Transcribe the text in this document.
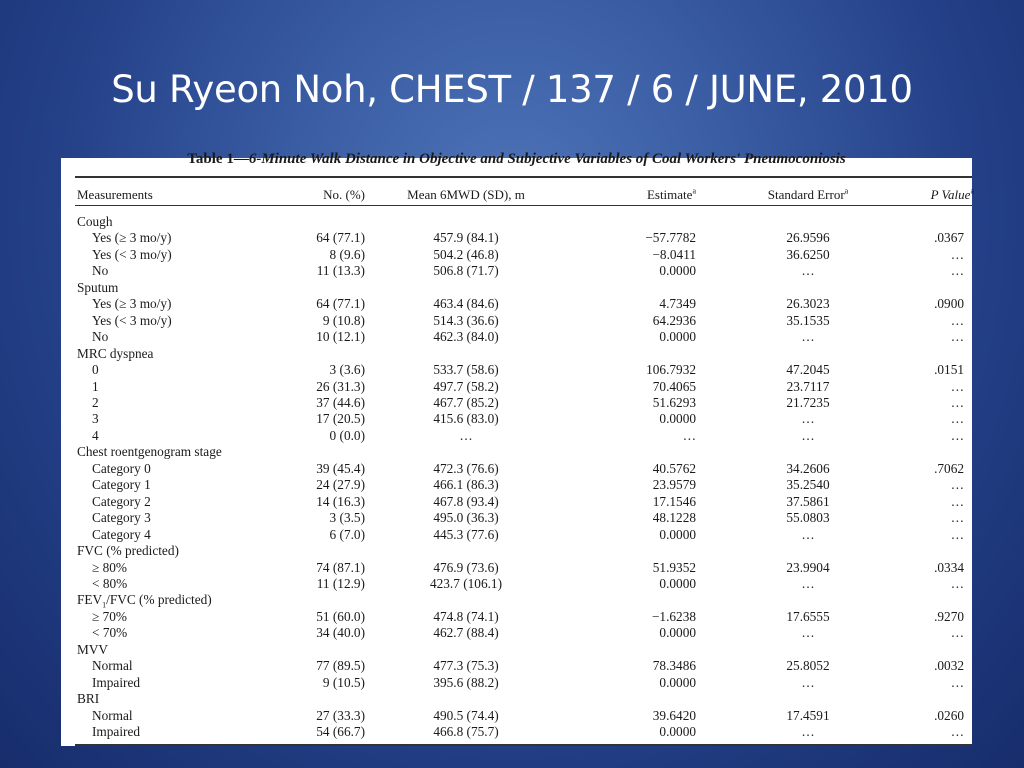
Su Ryeon Noh, CHEST / 137 / 6 / JUNE, 2010
Table 1—6-Minute Walk Distance in Objective and Subjective Variables of Coal Workers' Pneumoconiosis
Measurements	No. (%)	Mean 6MWD (SD), m	Estimate$^a$	Standard Error$^a$	P Value$^a$
Cough
Yes (≥ 3 mo/y)	64 (77.1)	457.9 (84.1)	−57.7782	26.9596	.0367
Yes (< 3 mo/y)	8 (9.6)	504.2 (46.8)	−8.0411	36.6250	…
No	11 (13.3)	506.8 (71.7)	0.0000	…	…
Sputum
Yes (≥ 3 mo/y)	64 (77.1)	463.4 (84.6)	4.7349	26.3023	.0900
Yes (< 3 mo/y)	9 (10.8)	514.3 (36.6)	64.2936	35.1535	…
No	10 (12.1)	462.3 (84.0)	0.0000	…	…
MRC dyspnea
0	3 (3.6)	533.7 (58.6)	106.7932	47.2045	.0151
1	26 (31.3)	497.7 (58.2)	70.4065	23.7117	…
2	37 (44.6)	467.7 (85.2)	51.6293	21.7235	…
3	17 (20.5)	415.6 (83.0)	0.0000	…	…
4	0 (0.0)	…	…	…	…
Chest roentgenogram stage
Category 0	39 (45.4)	472.3 (76.6)	40.5762	34.2606	.7062
Category 1	24 (27.9)	466.1 (86.3)	23.9579	35.2540	…
Category 2	14 (16.3)	467.8 (93.4)	17.1546	37.5861	…
Category 3	3 (3.5)	495.0 (36.3)	48.1228	55.0803	…
Category 4	6 (7.0)	445.3 (77.6)	0.0000	…	…
FVC (% predicted)
≥ 80%	74 (87.1)	476.9 (73.6)	51.9352	23.9904	.0334
< 80%	11 (12.9)	423.7 (106.1)	0.0000	…	…
$FEV_1$/FVC (% predicted)
≥ 70%	51 (60.0)	474.8 (74.1)	−1.6238	17.6555	.9270
< 70%	34 (40.0)	462.7 (88.4)	0.0000	…	…
MVV
Normal	77 (89.5)	477.3 (75.3)	78.3486	25.8052	.0032
Impaired	9 (10.5)	395.6 (88.2)	0.0000	…	…
BRI
Normal	27 (33.3)	490.5 (74.4)	39.6420	17.4591	.0260
Impaired	54 (66.7)	466.8 (75.7)	0.0000	…	…
